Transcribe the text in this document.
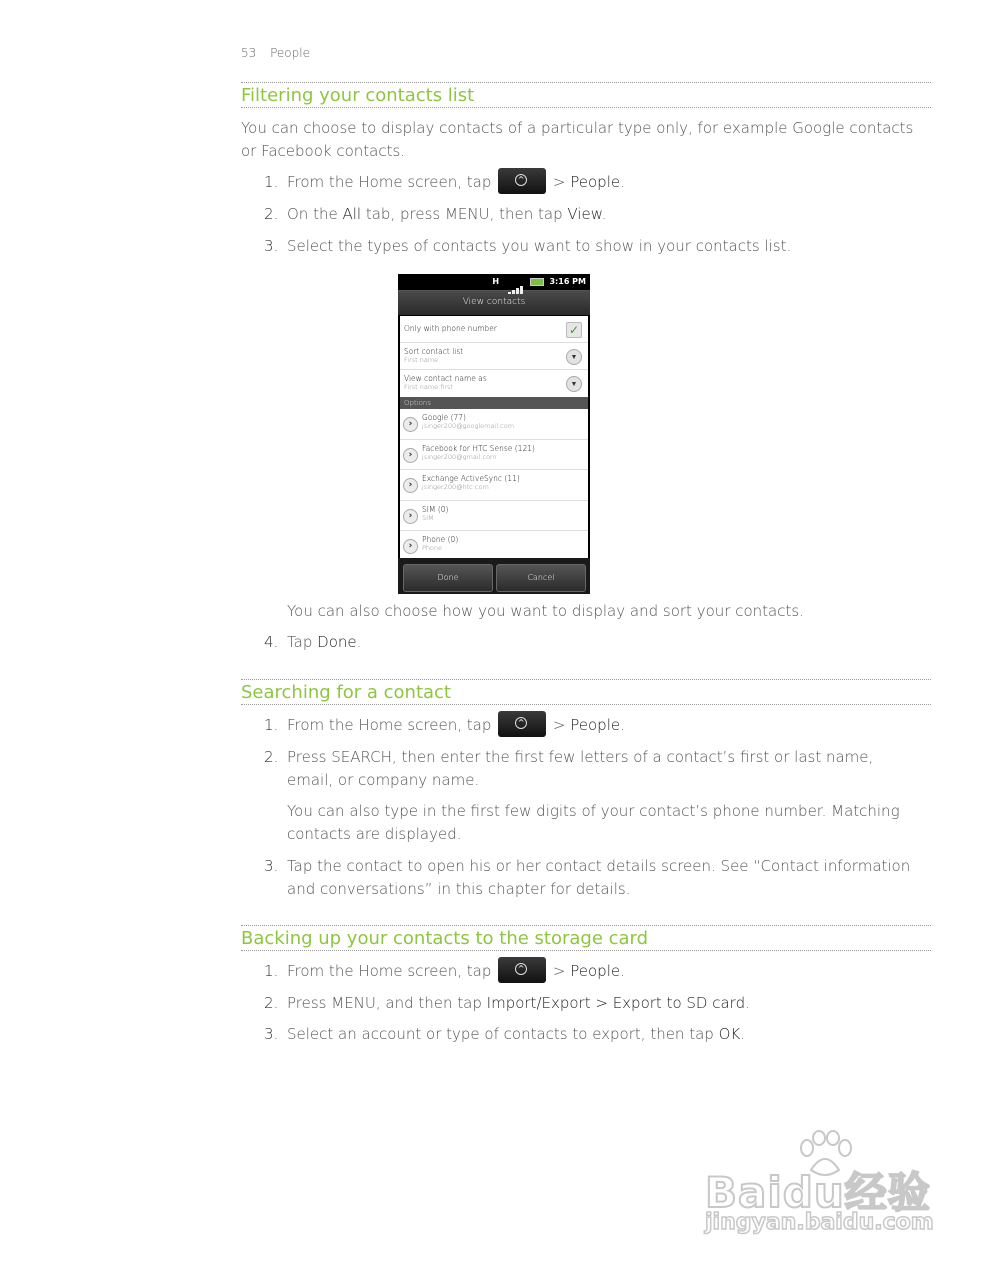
53 People
Filtering your contacts list
You can choose to display contacts of a particular type only, for example Google contacts or Facebook contacts.
1. From the Home screen, tap	^ > People.
2. On the All tab, press MENU, then tap View.
3. Select the types of contacts you want to show in your contacts list.
H	3:16 PM
View contacts
Only with phone number	✓
Sort contact list
First name	▼
View contact name as
First name first	▼
Options
›
Google (77)
jsinger200@googlemail.com
›
Facebook for HTC Sense (121)
jsinger200@gmail.com
›
Exchange ActiveSync (11)
jsinger200@htc.com
›
SIM (0)
SIM
›
Phone (0)
Phone
Done	Cancel
You can also choose how you want to display and sort your contacts.
4. Tap Done.
Searching for a contact
1. From the Home screen, tap	^ > People.
2. Press SEARCH, then enter the first few letters of a contact’s first or last name, email, or company name.
You can also type in the first few digits of your contact’s phone number. Matching contacts are displayed.
3. Tap the contact to open his or her contact details screen. See “Contact information and conversations” in this chapter for details.
Backing up your contacts to the storage card
1. From the Home screen, tap	^ > People.
2. Press MENU, and then tap Import/Export > Export to SD card.
3. Select an account or type of contacts to export, then tap OK.
Baidu经验
jingyan.baidu.com
